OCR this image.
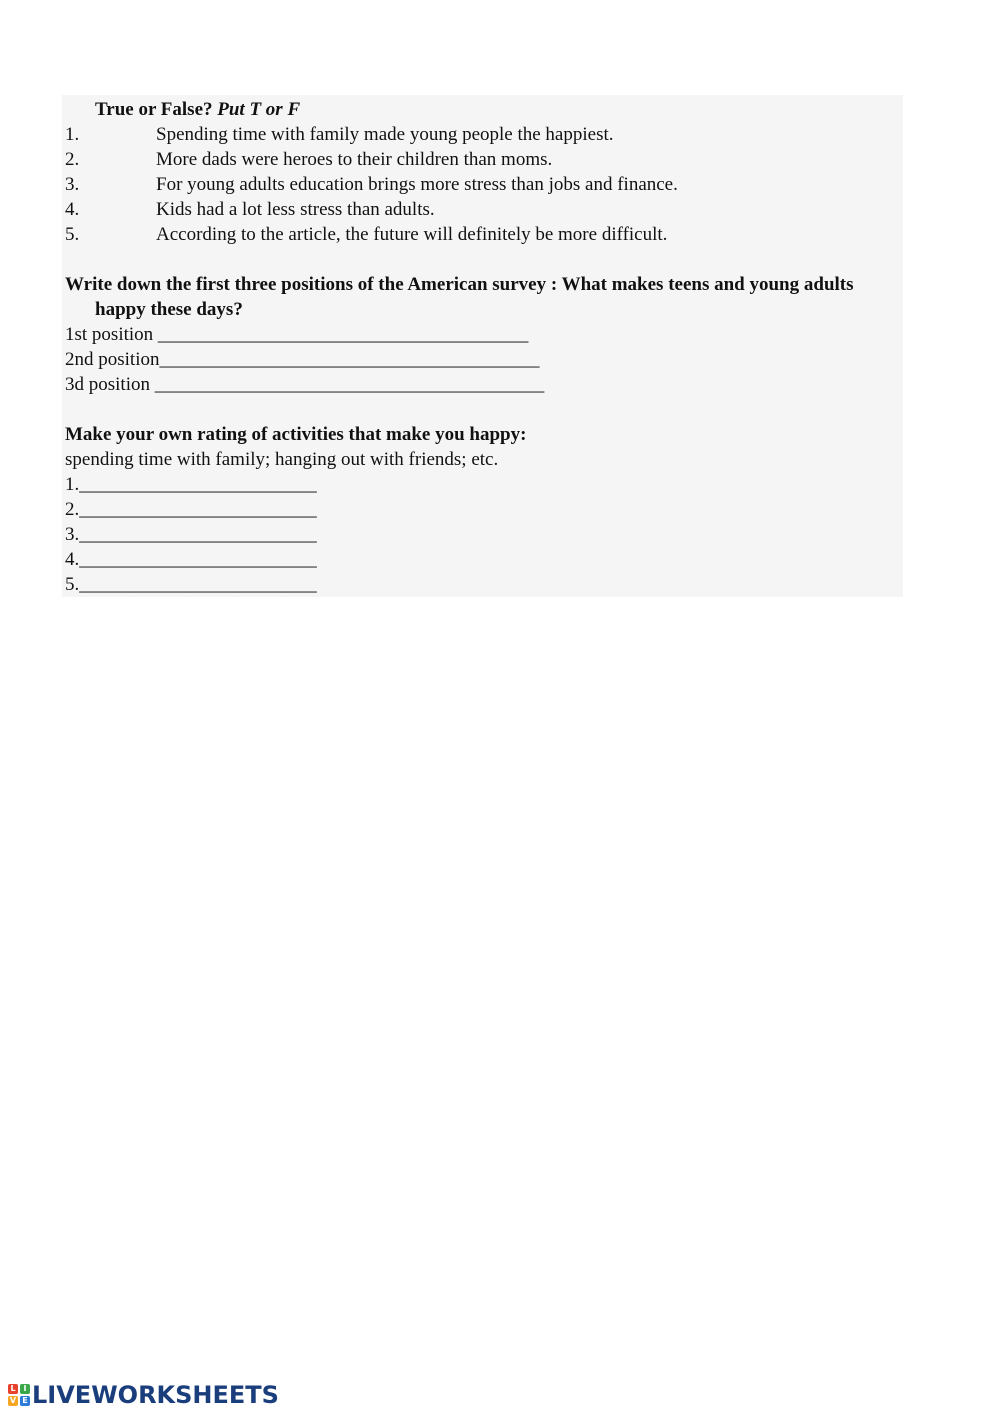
True or False? Put T or F
1.	Spending time with family made young people the happiest.
2.	More dads were heroes to their children than moms.
3.	For young adults education brings more stress than jobs and finance.
4.	Kids had a lot less stress than adults.
5.	According to the article, the future will definitely be more difficult.
Write down the first three positions of the American survey : What makes teens and young adults
happy these days?
1st position _______________________________________
2nd position________________________________________
3d position _________________________________________
Make your own rating of activities that make you happy:
spending time with family; hanging out with friends; etc.
1._________________________
2._________________________
3._________________________
4._________________________
5._________________________
L I
V E LIVEWORKSHEETS
